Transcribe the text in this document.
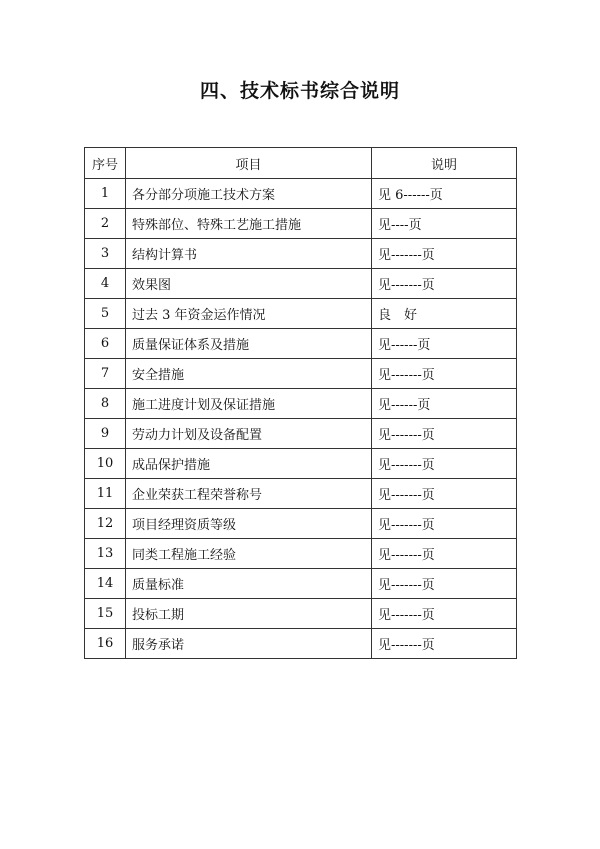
四、技术标书综合说明
序号	项目	说明
1	各分部分项施工技术方案	见 6------页
2	特殊部位、特殊工艺施工措施	见----页
3	结构计算书	见-------页
4	效果图	见-------页
5	过去 3 年资金运作情况	良　好
6	质量保证体系及措施	见------页
7	安全措施	见-------页
8	施工进度计划及保证措施	见------页
9	劳动力计划及设备配置	见-------页
10	成品保护措施	见-------页
11	企业荣获工程荣誉称号	见-------页
12	项目经理资质等级	见-------页
13	同类工程施工经验	见-------页
14	质量标准	见-------页
15	投标工期	见-------页
16	服务承诺	见-------页
